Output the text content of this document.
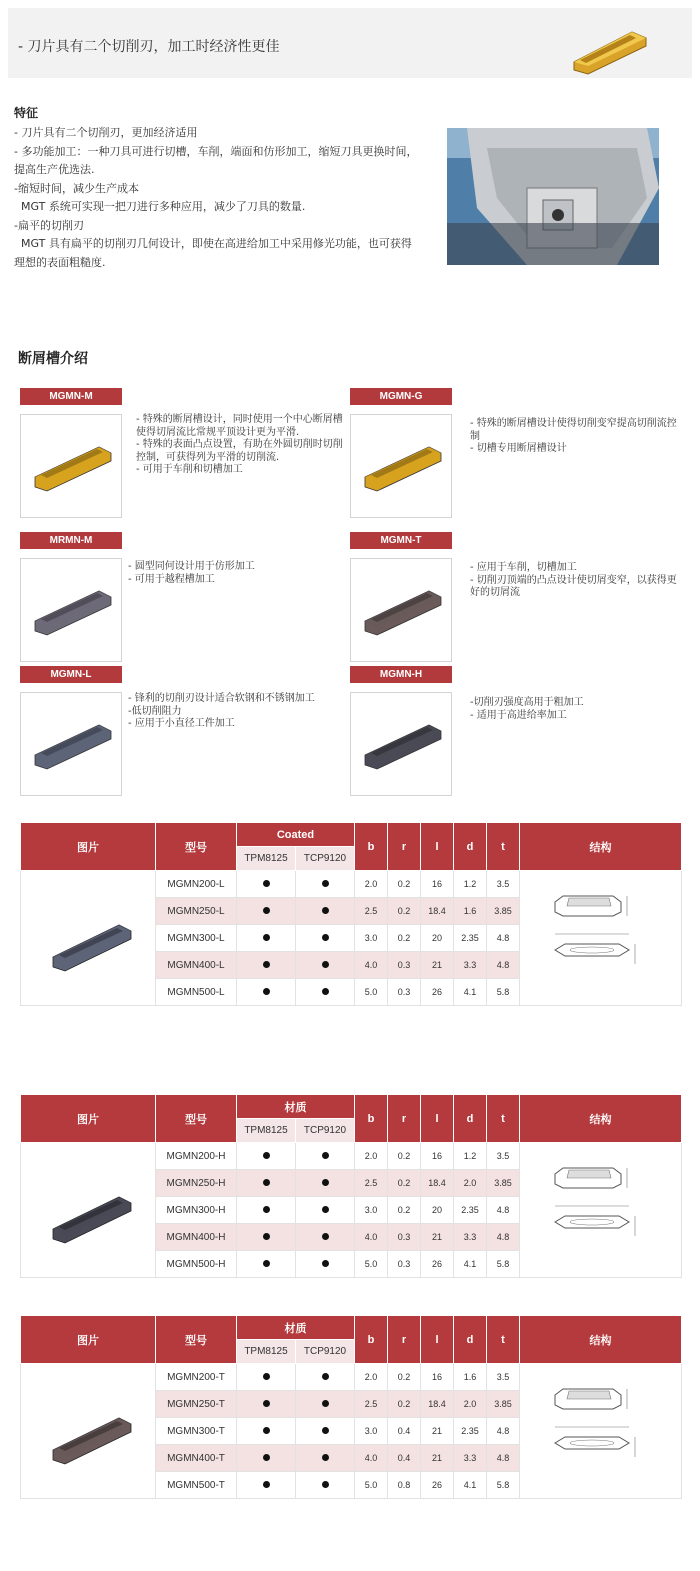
- 刀片具有二个切削刃，加工时经济性更佳
特征
- 刀片具有二个切削刃，更加经济适用
- 多功能加工：一种刀具可进行切槽，车削，端面和仿形加工，缩短刀具更换时间，
提高生产优选法.
-缩短时间，减少生产成本
MGT 系统可实现一把刀进行多种应用，减少了刀具的数量.
-扁平的切削刃
MGT 具有扁平的切削刃几何设计，即使在高进给加工中采用修光功能，也可获得
理想的表面粗糙度.
断屑槽介绍
MGMN-M
- 特殊的断屑槽设计，同时使用一个中心断屑槽使得切屑流比常规平顶设计更为平滑.
- 特殊的表面凸点设置，有助在外圆切削时切削控制，可获得列为平滑的切削流.
- 可用于车削和切槽加工
MGMN-G
- 特殊的断屑槽设计使得切削变窄提高切削流控制
- 切槽专用断屑槽设计
MRMN-M
- 圆型同何设计用于仿形加工
- 可用于越程槽加工
MGMN-T
- 应用于车削，切槽加工
- 切削刃顶端的凸点设计使切屑变窄，以获得更好的切屑流
MGMN-L
- 锋利的切削刃设计适合软钢和不锈钢加工
-低切削阻力
- 应用于小直径工件加工
MGMN-H
-切削刃强度高用于粗加工
- 适用于高进给率加工
图片	型号	Coated		b	r	l	d	t	结构
		TPM8125	TCP9120						
	MGMN200-L			2.0	0.2	16	1.2	3.5	
	MGMN250-L			2.5	0.2	18.4	1.6	3.85	
	MGMN300-L			3.0	0.2	20	2.35	4.8	
	MGMN400-L			4.0	0.3	21	3.3	4.8	
	MGMN500-L			5.0	0.3	26	4.1	5.8	
图片	型号	材质		b	r	l	d	t	结构
		TPM8125	TCP9120						
	MGMN200-H			2.0	0.2	16	1.2	3.5	
	MGMN250-H			2.5	0.2	18.4	2.0	3.85	
	MGMN300-H			3.0	0.2	20	2.35	4.8	
	MGMN400-H			4.0	0.3	21	3.3	4.8	
	MGMN500-H			5.0	0.3	26	4.1	5.8	
图片	型号	材质		b	r	l	d	t	结构
		TPM8125	TCP9120						
	MGMN200-T			2.0	0.2	16	1.6	3.5	
	MGMN250-T			2.5	0.2	18.4	2.0	3.85	
	MGMN300-T			3.0	0.4	21	2.35	4.8	
	MGMN400-T			4.0	0.4	21	3.3	4.8	
	MGMN500-T			5.0	0.8	26	4.1	5.8	
